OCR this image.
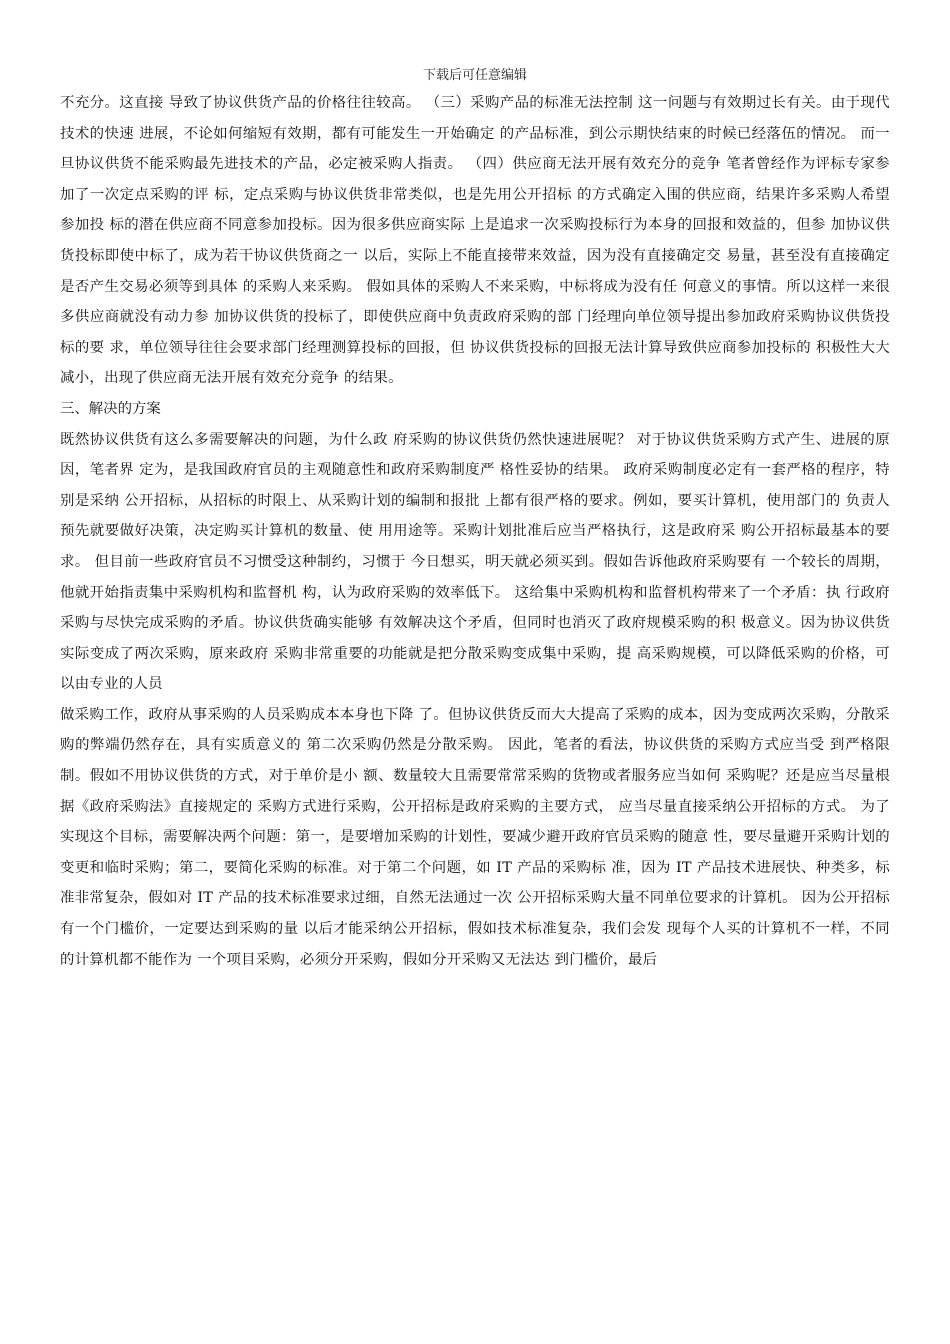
下载后可任意编辑

不充分。这直接 导致了协议供货产品的价格往往较高。 （三）采购产品的标准无法控制 这一问题与有效期过长有关。由于现代技术的快速 进展，不论如何缩短有效期，都有可能发生一开始确定 的产品标准，到公示期快结束的时候已经落伍的情况。 而一旦协议供货不能采购最先进技术的产品，必定被采购人指责。 （四）供应商无法开展有效充分的竞争 笔者曾经作为评标专家参加了一次定点采购的评 标，定点采购与协议供货非常类似，也是先用公开招标 的方式确定入围的供应商，结果许多采购人希望参加投 标的潜在供应商不同意参加投标。因为很多供应商实际 上是追求一次采购投标行为本身的回报和效益的，但参 加协议供货投标即使中标了，成为若干协议供货商之一 以后，实际上不能直接带来效益，因为没有直接确定交 易量，甚至没有直接确定是否产生交易必须等到具体 的采购人来采购。 假如具体的采购人不来采购，中标将成为没有任 何意义的事情。所以这样一来很多供应商就没有动力参 加协议供货的投标了，即使供应商中负责政府采购的部 门经理向单位领导提出参加政府采购协议供货投标的要 求，单位领导往往会要求部门经理测算投标的回报，但 协议供货投标的回报无法计算导致供应商参加投标的 积极性大大减小，出现了供应商无法开展有效充分竞争 的结果。

三、解决的方案

既然协议供货有这么多需要解决的问题，为什么政 府采购的协议供货仍然快速进展呢？ 对于协议供货采购方式产生、进展的原因，笔者界 定为，是我国政府官员的主观随意性和政府采购制度严 格性妥协的结果。 政府采购制度必定有一套严格的程序，特别是采纳 公开招标，从招标的时限上、从采购计划的编制和报批 上都有很严格的要求。例如，要买计算机，使用部门的 负责人预先就要做好决策，决定购买计算机的数量、使 用用途等。采购计划批准后应当严格执行，这是政府采 购公开招标最基本的要求。 但目前一些政府官员不习惯受这种制约，习惯于 今日想买，明天就必须买到。假如告诉他政府采购要有 一个较长的周期，他就开始指责集中采购机构和监督机 构，认为政府采购的效率低下。 这给集中采购机构和监督机构带来了一个矛盾：执 行政府采购与尽快完成采购的矛盾。协议供货确实能够 有效解决这个矛盾，但同时也消灭了政府规模采购的积 极意义。因为协议供货实际变成了两次采购，原来政府 采购非常重要的功能就是把分散采购变成集中采购，提 高采购规模，可以降低采购的价格，可以由专业的人员

做采购工作，政府从事采购的人员采购成本本身也下降 了。但协议供货反而大大提高了采购的成本，因为变成两次采购，分散采购的弊端仍然存在，具有实质意义的 第二次采购仍然是分散采购。 因此，笔者的看法，协议供货的采购方式应当受 到严格限制。假如不用协议供货的方式，对于单价是小 额、数量较大且需要常常采购的货物或者服务应当如何 采购呢？还是应当尽量根据《政府采购法》直接规定的 采购方式进行采购，公开招标是政府采购的主要方式， 应当尽量直接采纳公开招标的方式。 为了实现这个目标，需要解决两个问题：第一，是要增加采购的计划性，要减少避开政府官员采购的随意 性，要尽量避开采购计划的变更和临时采购；第二，要简化采购的标准。对于第二个问题，如 IT 产品的采购标 准，因为 IT 产品技术进展快、种类多，标准非常复杂，假如对 IT 产品的技术标准要求过细，自然无法通过一次 公开招标采购大量不同单位要求的计算机。 因为公开招标有一个门槛价，一定要达到采购的量 以后才能采纳公开招标，假如技术标准复杂，我们会发 现每个人买的计算机不一样，不同的计算机都不能作为 一个项目采购，必须分开采购，假如分开采购又无法达 到门槛价，最后
